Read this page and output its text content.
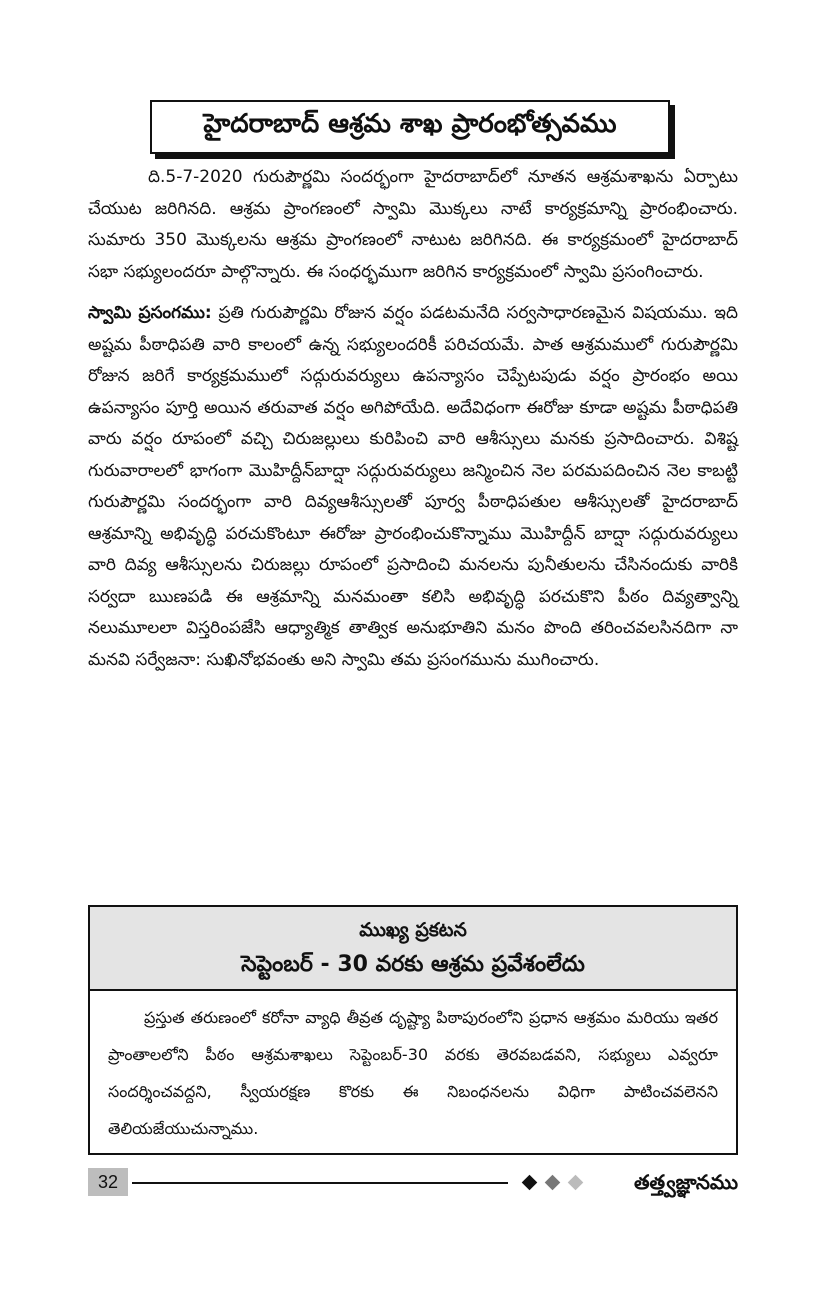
హైదరాబాద్ ఆశ్రమ శాఖ ప్రారంభోత్సవము

ది.5-7-2020 గురుపౌర్ణమి సందర్భంగా హైదరాబాద్‌లో నూతన ఆశ్రమశాఖను ఏర్పాటు చేయుట జరిగినది. ఆశ్రమ ప్రాంగణంలో స్వామి మొక్కలు నాటే కార్యక్రమాన్ని ప్రారంభించారు. సుమారు 350 మొక్కలను ఆశ్రమ ప్రాంగణంలో నాటుట జరిగినది. ఈ కార్యక్రమంలో హైదరాబాద్ సభా సభ్యులందరూ పాల్గొన్నారు. ఈ సంధర్భముగా జరిగిన కార్యక్రమంలో స్వామి ప్రసంగించారు.

స్వామి ప్రసంగము: ప్రతి గురుపౌర్ణమి రోజున వర్షం పడటమనేది సర్వసాధారణమైన విషయము. ఇది అష్టమ పీఠాధిపతి వారి కాలంలో ఉన్న సభ్యులందరికీ పరిచయమే. పాత ఆశ్రమములో గురుపౌర్ణమి రోజున జరిగే కార్యక్రమములో సద్గురువర్యులు ఉపన్యాసం చెప్పేటపుడు వర్షం ప్రారంభం అయి ఉపన్యాసం పూర్తి అయిన తరువాత వర్షం అగిపోయేది. అదేవిధంగా ఈరోజు కూడా అష్టమ పీఠాధిపతి వారు వర్షం రూపంలో వచ్చి చిరుజల్లులు కురిపించి వారి ఆశీస్సులు మనకు ప్రసాదించారు. విశిష్ట గురువారాలలో భాగంగా మొహిద్దీన్‌బాద్షా సద్గురువర్యులు జన్మించిన నెల పరమపదించిన నెల కాబట్టి గురుపౌర్ణమి సందర్భంగా వారి దివ్యఆశీస్సులతో పూర్వ పీఠాధిపతుల ఆశీస్సులతో హైదరాబాద్ ఆశ్రమాన్ని అభివృద్ధి పరచుకొంటూ ఈరోజు ప్రారంభించుకొన్నాము మొహిద్దీన్ బాద్షా సద్గురువర్యులు వారి దివ్య ఆశీస్సులను చిరుజల్లు రూపంలో ప్రసాదించి మనలను పునీతులను చేసినందుకు వారికి సర్వదా ఋణపడి ఈ ఆశ్రమాన్ని మనమంతా కలిసి అభివృద్ధి పరచుకొని పీఠం దివ్యత్వాన్ని నలుమూలలా విస్తరింపజేసి ఆధ్యాత్మిక తాత్విక అనుభూతిని మనం పొంది తరించవలసినదిగా నా మనవి సర్వేజనా: సుఖినోభవంతు అని స్వామి తమ ప్రసంగమును ముగించారు.

ముఖ్య ప్రకటన
సెప్టెంబర్ - 30 వరకు ఆశ్రమ ప్రవేశంలేదు
ప్రస్తుత తరుణంలో కరోనా వ్యాధి తీవ్రత దృష్ట్యా పిఠాపురంలోని ప్రధాన ఆశ్రమం మరియు ఇతర ప్రాంతాలలోని పీఠం ఆశ్రమశాఖలు సెప్టెంబర్-30 వరకు తెరవబడవని, సభ్యులు ఎవ్వరూ సందర్శించవద్దని, స్వీయరక్షణ కొరకు ఈ నిబంధనలను విధిగా పాటించవలెనని తెలియజేయుచున్నాము.
32	తత్త్వజ్ఞానము
